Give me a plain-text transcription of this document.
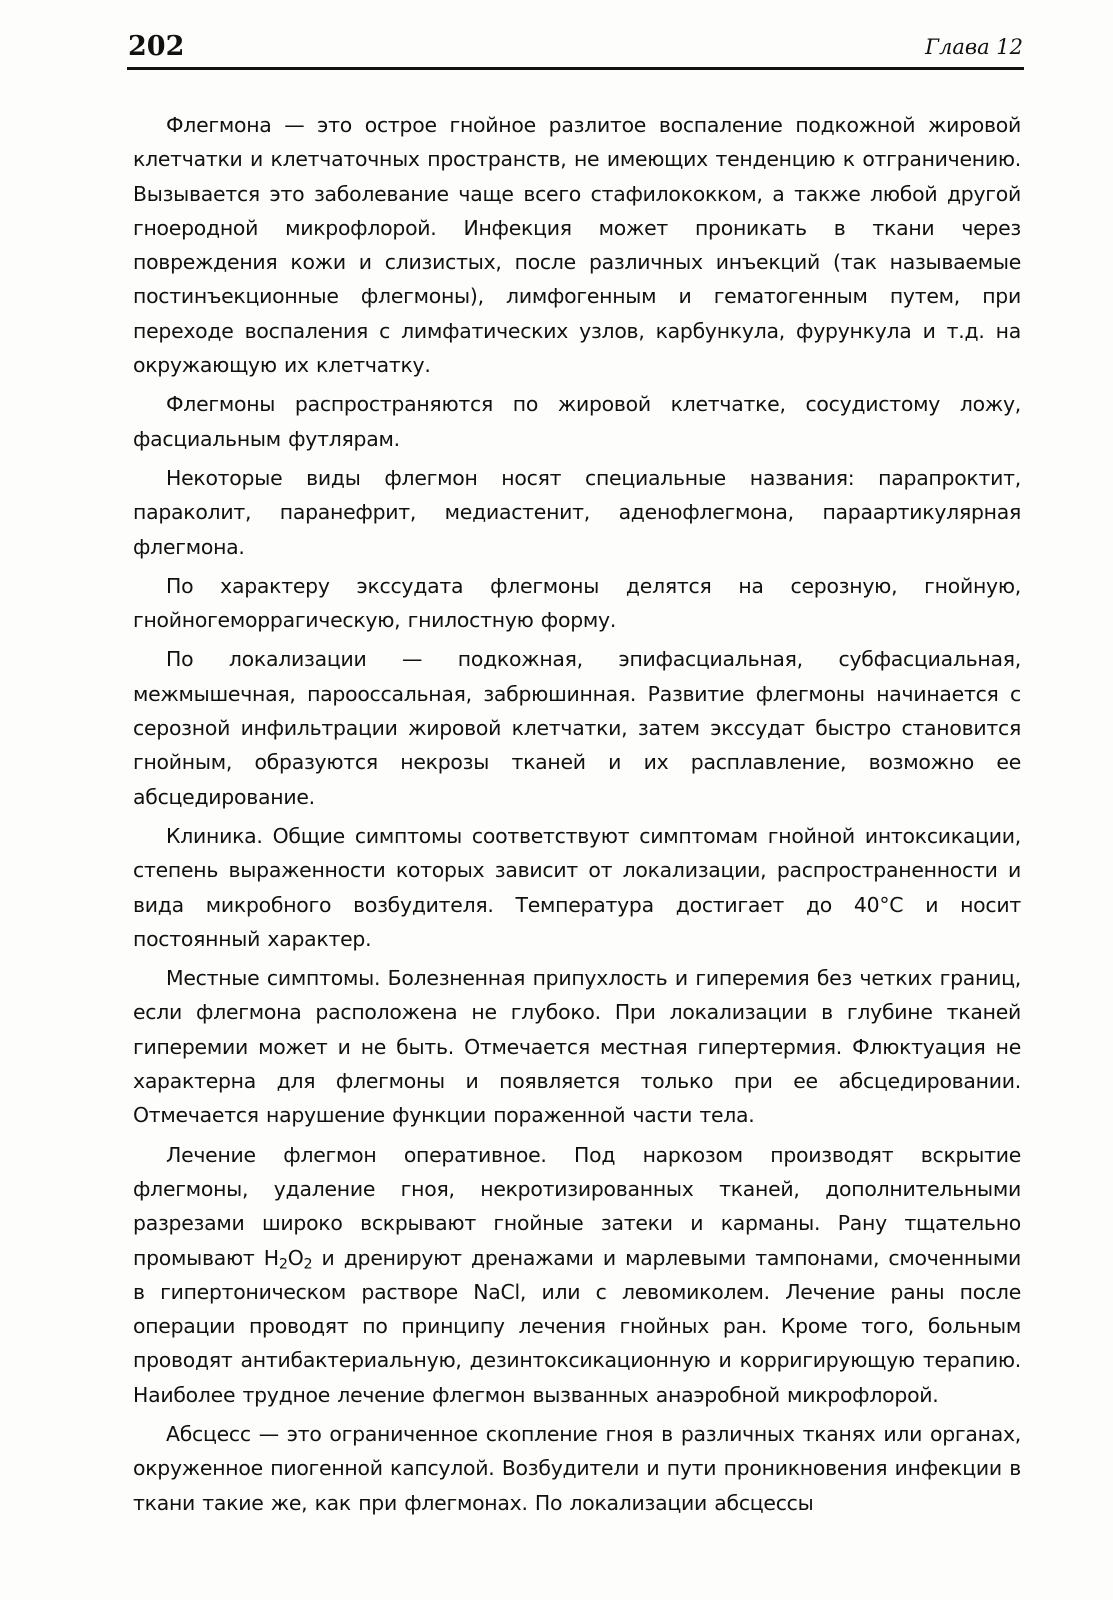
202	Глава 12

Флегмона — это острое гнойное разлитое воспаление подкожной жировой клетчатки и клетчаточных пространств, не имеющих тенденцию к отграничению. Вызывается это заболевание чаще всего стафилококком, а также любой другой гноеродной микрофлорой. Инфекция может проникать в ткани через повреждения кожи и слизистых, после различных инъекций (так называемые постинъекционные флегмоны), лимфогенным и гематогенным путем, при переходе воспаления с лимфатических узлов, карбункула, фурункула и т.д. на окружающую их клетчатку.

Флегмоны распространяются по жировой клетчатке, сосудистому ложу, фасциальным футлярам.

Некоторые виды флегмон носят специальные названия: парапроктит, параколит, паранефрит, медиастенит, аденофлегмона, параартикулярная флегмона.

По характеру экссудата флегмоны делятся на серозную, гнойную, гнойногеморрагическую, гнилостную форму.

По локализации — подкожная, эпифасциальная, субфасциальная, межмышечная, парооссальная, забрюшинная. Развитие флегмоны начинается с серозной инфильтрации жировой клетчатки, затем экссудат быстро становится гнойным, образуются некрозы тканей и их расплавление, возможно ее абсцедирование.

Клиника. Общие симптомы соответствуют симптомам гнойной интоксикации, степень выраженности которых зависит от локализации, распространенности и вида микробного возбудителя. Температура достигает до 40°C и носит постоянный характер.

Местные симптомы. Болезненная припухлость и гиперемия без четких границ, если флегмона расположена не глубоко. При локализации в глубине тканей гиперемии может и не быть. Отмечается местная гипертермия. Флюктуация не характерна для флегмоны и появляется только при ее абсцедировании. Отмечается нарушение функции пораженной части тела.

Лечение флегмон оперативное. Под наркозом производят вскрытие флегмоны, удаление гноя, некротизированных тканей, дополнительными разрезами широко вскрывают гнойные затеки и карманы. Рану тщательно промывают $H_2O_2$ и дренируют дренажами и марлевыми тампонами, смоченными в гипертоническом растворе NaCl, или с левомиколем. Лечение раны после операции проводят по принципу лечения гнойных ран. Кроме того, больным проводят антибактериальную, дезинтоксикационную и корригирующую терапию. Наиболее трудное лечение флегмон вызванных анаэробной микрофлорой.

Абсцесс — это ограниченное скопление гноя в различных тканях или органах, окруженное пиогенной капсулой. Возбудители и пути проникновения инфекции в ткани такие же, как при флегмонах. По локализации абсцессы
